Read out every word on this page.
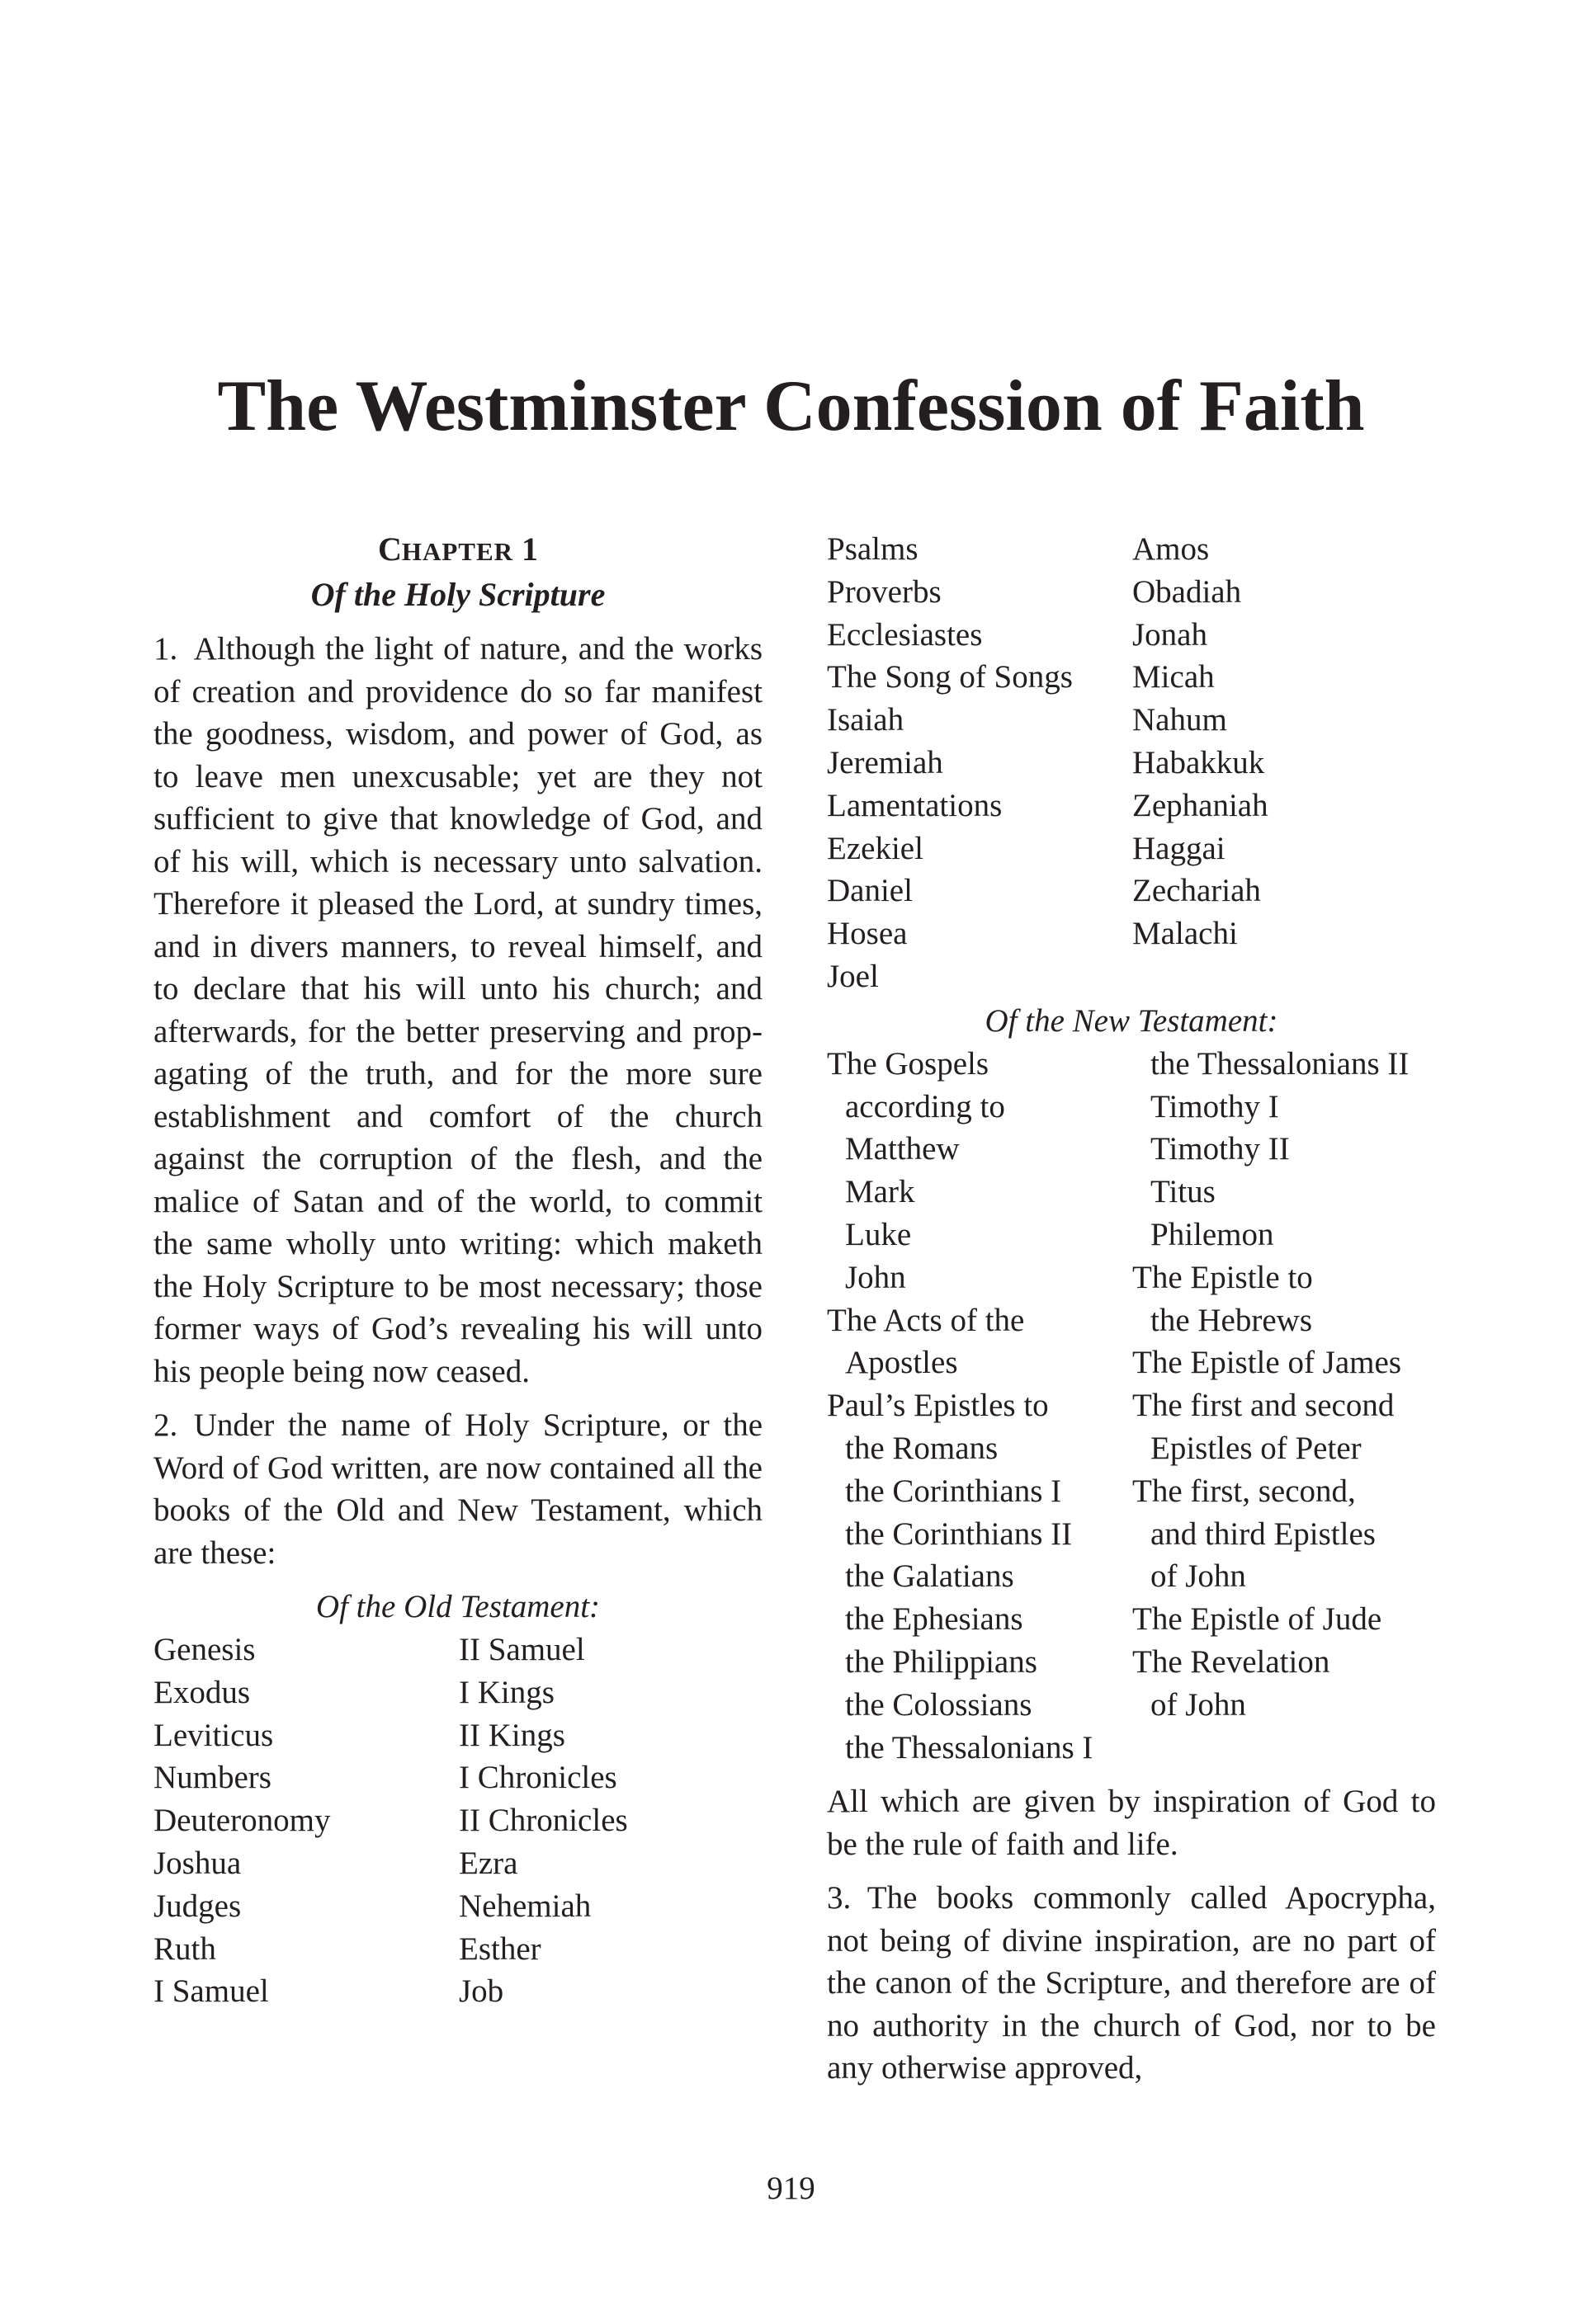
The Westminster Confession of Faith
CHAPTER 1
Of the Holy Scripture

1. Although the light of nature, and the works of creation and providence do so far manifest the goodness, wisdom, and power of God, as to leave men unexcusable; yet are they not sufficient to give that knowledge of God, and of his will, which is necessary unto salvation. Therefore it pleased the Lord, at sundry times, and in divers manners, to reveal himself, and to declare that his will unto his church; and afterwards, for the better preserving and propagating of the truth, and for the more sure establishment and comfort of the church against the corruption of the flesh, and the malice of Satan and of the world, to commit the same wholly unto writing: which maketh the Holy Scripture to be most necessary; those former ways of God’s revealing his will unto his people being now ceased.

2. Under the name of Holy Scripture, or the Word of God written, are now contained all the books of the Old and New Testament, which are these:

Of the Old Testament:
Genesis
Exodus
Leviticus
Numbers
Deuteronomy
Joshua
Judges
Ruth
I Samuel
II Samuel
I Kings
II Kings
I Chronicles
II Chronicles
Ezra
Nehemiah
Esther
Job
Psalms
Proverbs
Ecclesiastes
The Song of Songs
Isaiah
Jeremiah
Lamentations
Ezekiel
Daniel
Hosea
Joel
Amos
Obadiah
Jonah
Micah
Nahum
Habakkuk
Zephaniah
Haggai
Zechariah
Malachi
Of the New Testament:
The Gospels
according to
Matthew
Mark
Luke
John
The Acts of the
Apostles
Paul’s Epistles to
the Romans
the Corinthians I
the Corinthians II
the Galatians
the Ephesians
the Philippians
the Colossians
the Thessalonians I
the Thessalonians II
Timothy I
Timothy II
Titus
Philemon
The Epistle to
the Hebrews
The Epistle of James
The first and second
Epistles of Peter
The first, second,
and third Epistles
of John
The Epistle of Jude
The Revelation
of John

All which are given by inspiration of God to be the rule of faith and life.

3. The books commonly called Apocrypha, not being of divine inspiration, are no part of the canon of the Scripture, and therefore are of no authority in the church of God, nor to be any otherwise approved,

919
